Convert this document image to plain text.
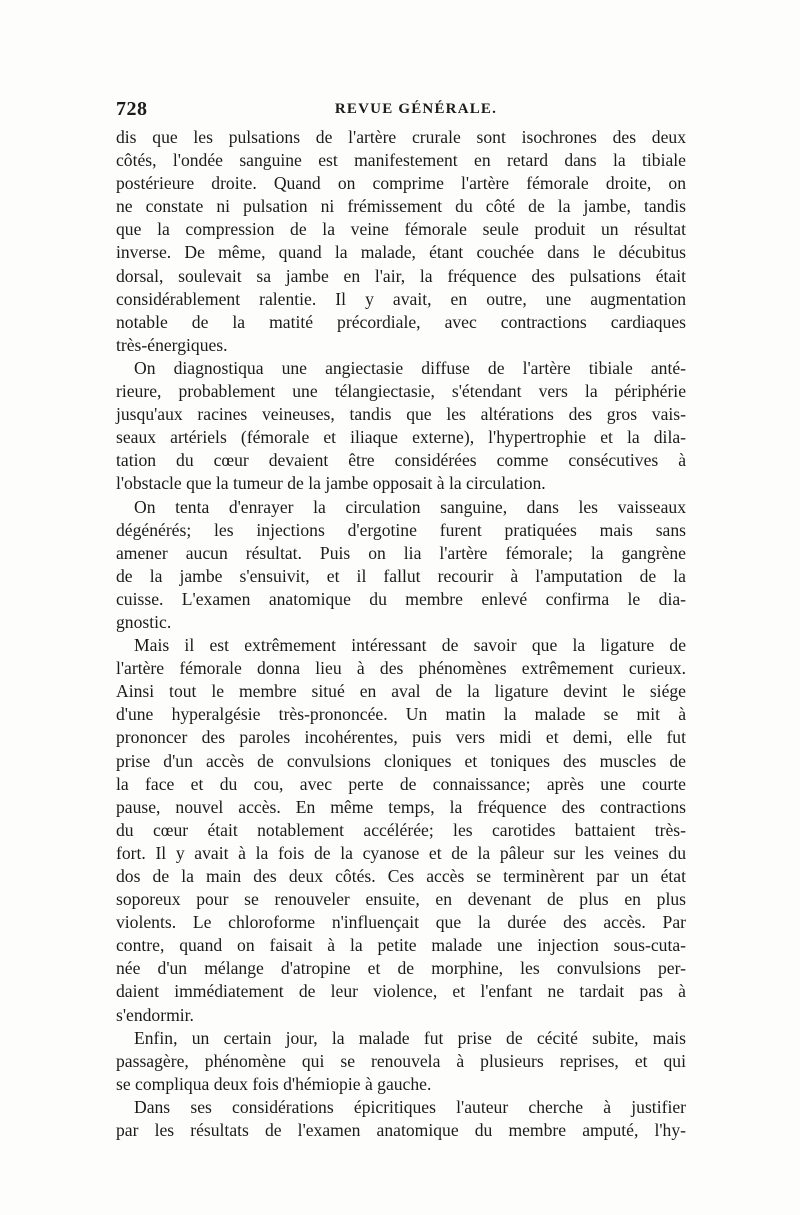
728	REVUE GÉNÉRALE.
dis que les pulsations de l'artère crurale sont isochrones des deux
côtés, l'ondée sanguine est manifestement en retard dans la tibiale
postérieure droite. Quand on comprime l'artère fémorale droite, on
ne constate ni pulsation ni frémissement du côté de la jambe, tandis
que la compression de la veine fémorale seule produit un résultat
inverse. De même, quand la malade, étant couchée dans le décubitus
dorsal, soulevait sa jambe en l'air, la fréquence des pulsations était
considérablement ralentie. Il y avait, en outre, une augmentation
notable de la matité précordiale, avec contractions cardiaques
très-énergiques.
On diagnostiqua une angiectasie diffuse de l'artère tibiale anté-
rieure, probablement une télangiectasie, s'étendant vers la périphérie
jusqu'aux racines veineuses, tandis que les altérations des gros vais-
seaux artériels (fémorale et iliaque externe), l'hypertrophie et la dila-
tation du cœur devaient être considérées comme consécutives à
l'obstacle que la tumeur de la jambe opposait à la circulation.
On tenta d'enrayer la circulation sanguine, dans les vaisseaux
dégénérés; les injections d'ergotine furent pratiquées mais sans
amener aucun résultat. Puis on lia l'artère fémorale; la gangrène
de la jambe s'ensuivit, et il fallut recourir à l'amputation de la
cuisse. L'examen anatomique du membre enlevé confirma le dia-
gnostic.
Mais il est extrêmement intéressant de savoir que la ligature de
l'artère fémorale donna lieu à des phénomènes extrêmement curieux.
Ainsi tout le membre situé en aval de la ligature devint le siége
d'une hyperalgésie très-prononcée. Un matin la malade se mit à
prononcer des paroles incohérentes, puis vers midi et demi, elle fut
prise d'un accès de convulsions cloniques et toniques des muscles de
la face et du cou, avec perte de connaissance; après une courte
pause, nouvel accès. En même temps, la fréquence des contractions
du cœur était notablement accélérée; les carotides battaient très-
fort. Il y avait à la fois de la cyanose et de la pâleur sur les veines du
dos de la main des deux côtés. Ces accès se terminèrent par un état
soporeux pour se renouveler ensuite, en devenant de plus en plus
violents. Le chloroforme n'influençait que la durée des accès. Par
contre, quand on faisait à la petite malade une injection sous-cuta-
née d'un mélange d'atropine et de morphine, les convulsions per-
daient immédiatement de leur violence, et l'enfant ne tardait pas à
s'endormir.
Enfin, un certain jour, la malade fut prise de cécité subite, mais
passagère, phénomène qui se renouvela à plusieurs reprises, et qui
se compliqua deux fois d'hémiopie à gauche.
Dans ses considérations épicritiques l'auteur cherche à justifier
par les résultats de l'examen anatomique du membre amputé, l'hy-
